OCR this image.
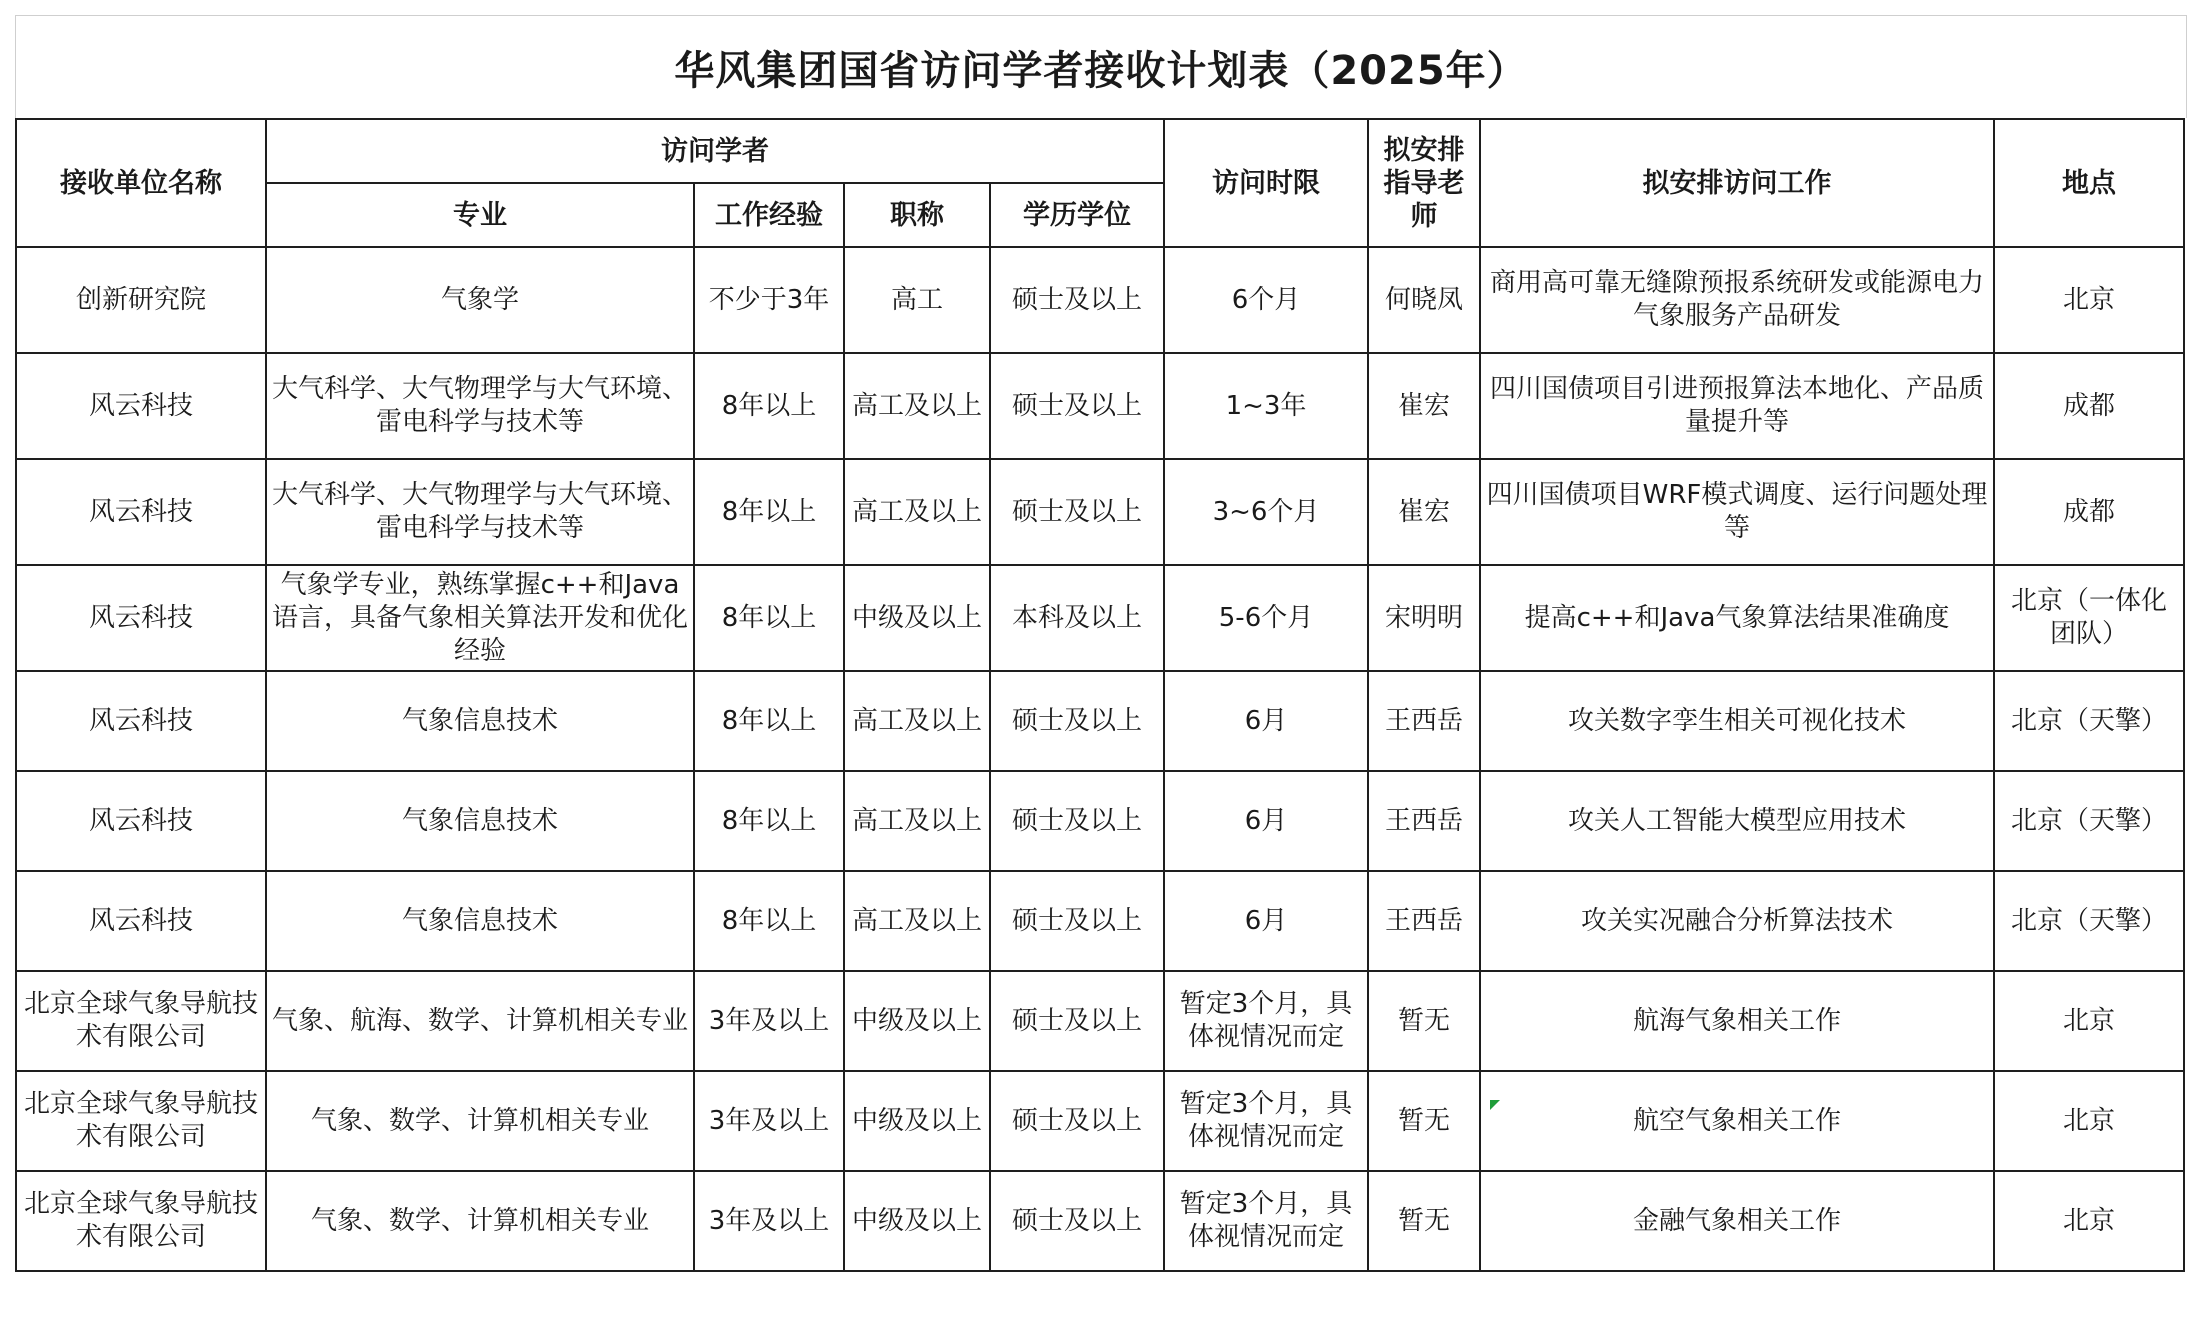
华风集团国省访问学者接收计划表（2025年）
接收单位名称	访问学者				访问时限	拟安排指导老师	拟安排访问工作	地点
	专业	工作经验	职称	学历学位				
创新研究院	气象学	不少于3年	高工	硕士及以上	6个月	何晓凤	商用高可靠无缝隙预报系统研发或能源电力气象服务产品研发	北京
风云科技	大气科学、大气物理学与大气环境、雷电科学与技术等	8年以上	高工及以上	硕士及以上	1~3年	崔宏	四川国债项目引进预报算法本地化、产品质量提升等	成都
风云科技	大气科学、大气物理学与大气环境、雷电科学与技术等	8年以上	高工及以上	硕士及以上	3~6个月	崔宏	四川国债项目WRF模式调度、运行问题处理等	成都
风云科技	气象学专业，熟练掌握c++和Java语言，具备气象相关算法开发和优化经验	8年以上	中级及以上	本科及以上	5-6个月	宋明明	提高c++和Java气象算法结果准确度	北京（一体化团队）
风云科技	气象信息技术	8年以上	高工及以上	硕士及以上	6月	王西岳	攻关数字孪生相关可视化技术	北京（天擎）
风云科技	气象信息技术	8年以上	高工及以上	硕士及以上	6月	王西岳	攻关人工智能大模型应用技术	北京（天擎）
风云科技	气象信息技术	8年以上	高工及以上	硕士及以上	6月	王西岳	攻关实况融合分析算法技术	北京（天擎）
北京全球气象导航技术有限公司	气象、航海、数学、计算机相关专业	3年及以上	中级及以上	硕士及以上	暂定3个月，具体视情况而定	暂无	航海气象相关工作	北京
北京全球气象导航技术有限公司	气象、数学、计算机相关专业	3年及以上	中级及以上	硕士及以上	暂定3个月，具体视情况而定	暂无	航空气象相关工作	北京
北京全球气象导航技术有限公司	气象、数学、计算机相关专业	3年及以上	中级及以上	硕士及以上	暂定3个月，具体视情况而定	暂无	金融气象相关工作	北京
